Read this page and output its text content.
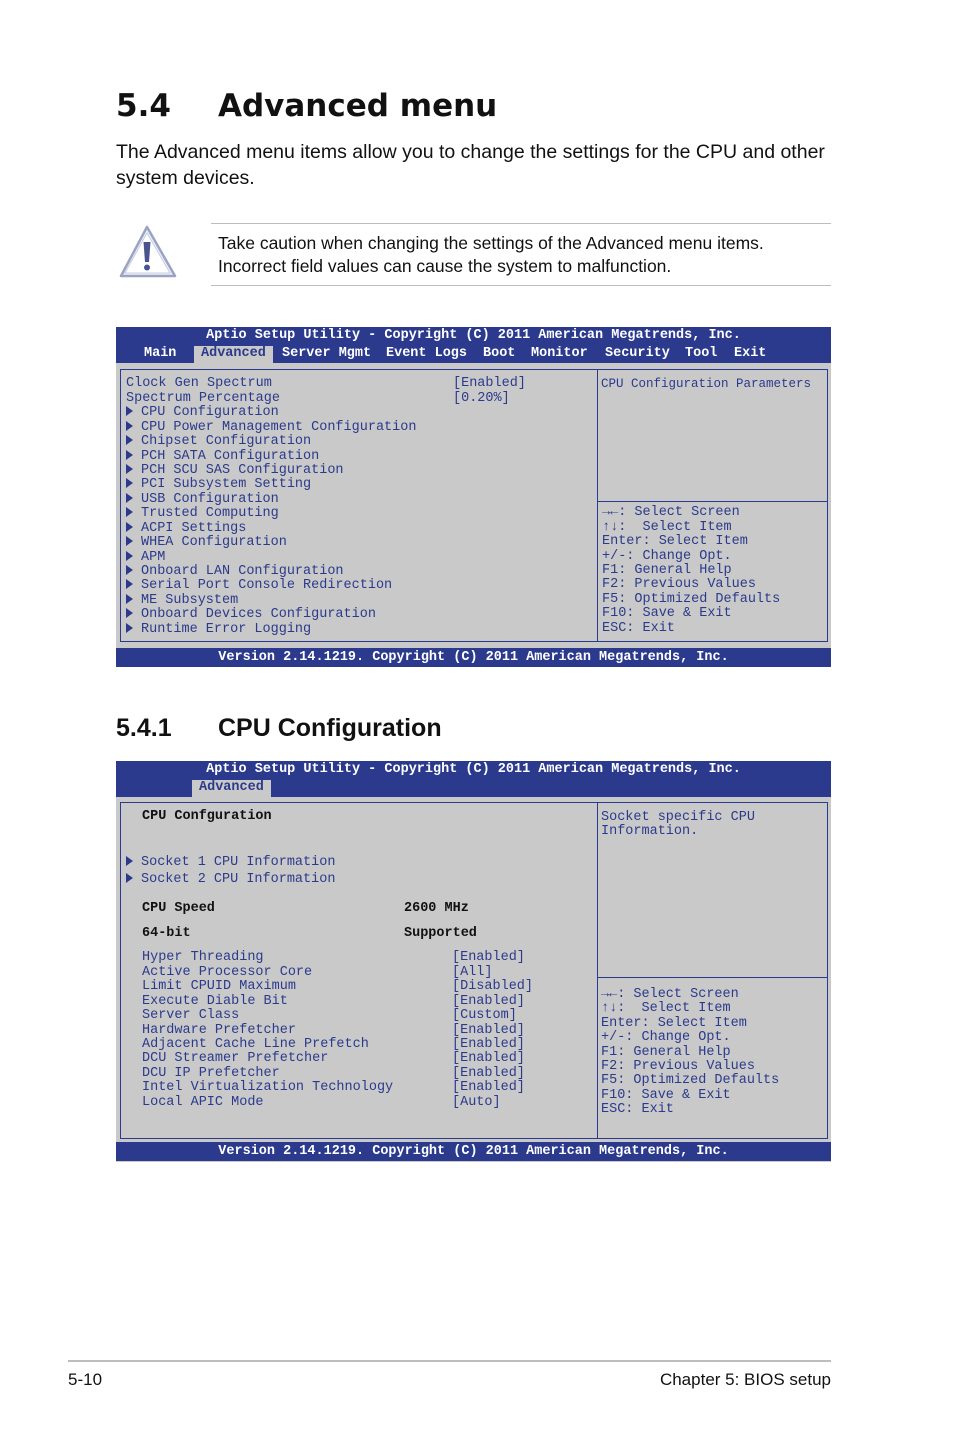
5.4 Advanced menu
The Advanced menu items allow you to change the settings for the CPU and other system devices.
Take caution when changing the settings of the Advanced menu items. Incorrect field values can cause the system to malfunction.
Aptio Setup Utility - Copyright (C) 2011 American Megatrends, Inc.
Main	Advanced	Server Mgmt Event Logs Boot Monitor Security Tool Exit
Clock Gen Spectrum	[Enabled]
Spectrum Percentage	[0.20%]
CPU Configuration
CPU Power Management Configuration
Chipset Configuration
PCH SATA Configuration
PCH SCU SAS Configuration
PCI Subsystem Setting
USB Configuration
Trusted Computing
ACPI Settings
WHEA Configuration
APM
Onboard LAN Configuration
Serial Port Console Redirection
ME Subsystem
Onboard Devices Configuration
Runtime Error Logging
CPU Configuration Parameters
→←: Select Screen
↑↓:  Select Item
Enter: Select Item
+/-: Change Opt.
F1: General Help
F2: Previous Values
F5: Optimized Defaults
F10: Save & Exit
ESC: Exit
Version 2.14.1219. Copyright (C) 2011 American Megatrends, Inc.
5.4.1 CPU Configuration
Aptio Setup Utility - Copyright (C) 2011 American Megatrends, Inc.
Advanced
CPU Confguration
Socket 1 CPU Information
Socket 2 CPU Information
CPU Speed	2600 MHz
64-bit	Supported
Hyper Threading	[Enabled]
Active Processor Core	[All]
Limit CPUID Maximum	[Disabled]
Execute Diable Bit	[Enabled]
Server Class	[Custom]
Hardware Prefetcher	[Enabled]
Adjacent Cache Line Prefetch	[Enabled]
DCU Streamer Prefetcher	[Enabled]
DCU IP Prefetcher	[Enabled]
Intel Virtualization Technology	[Enabled]
Local APIC Mode	[Auto]
Socket specific CPU
Information.
→←: Select Screen
↑↓:  Select Item
Enter: Select Item
+/-: Change Opt.
F1: General Help
F2: Previous Values
F5: Optimized Defaults
F10: Save & Exit
ESC: Exit
Version 2.14.1219. Copyright (C) 2011 American Megatrends, Inc.
5-10	Chapter 5: BIOS setup
